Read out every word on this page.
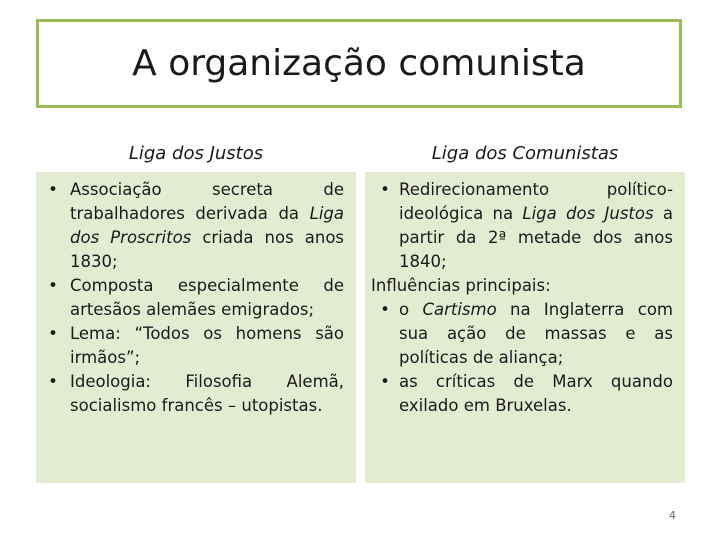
A organização comunista
Liga dos Justos	Liga dos Comunistas
• Associação secreta de trabalhadores derivada da Liga dos Proscritos criada nos anos 1830;
• Composta especialmente de artesãos alemães emigrados;
• Lema: “Todos os homens são irmãos”;
• Ideologia: Filosofia Alemã, socialismo francês – utopistas.
• Redirecionamento político-ideológica na Liga dos Justos a partir da 2ª metade dos anos 1840;
Influências principais:
• o Cartismo na Inglaterra com sua ação de massas e as políticas de aliança;
• as críticas de Marx quando exilado em Bruxelas.
4
